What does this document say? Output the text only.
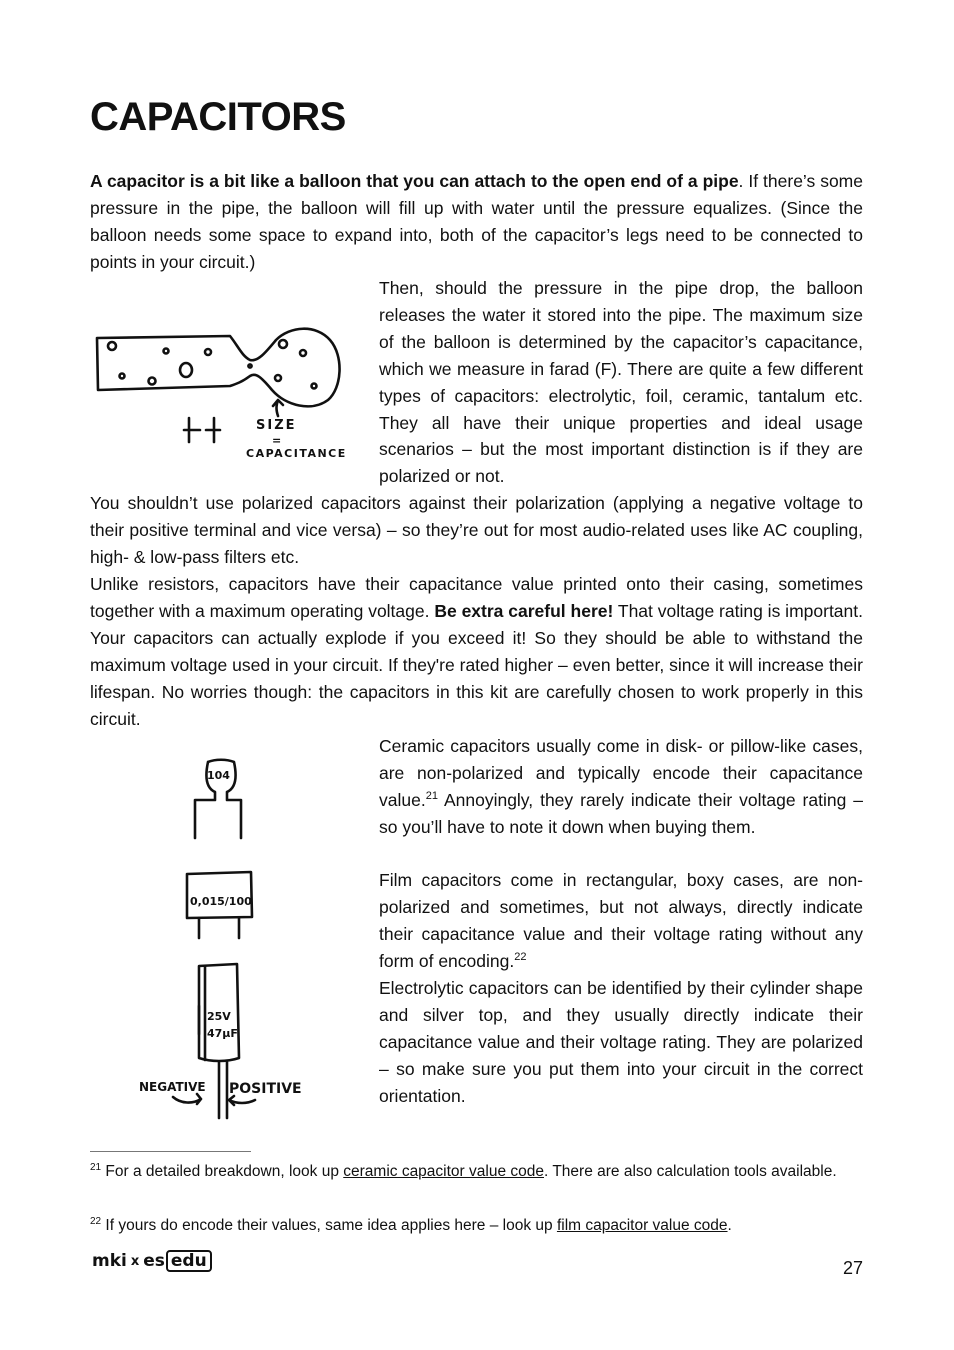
CAPACITORS

A capacitor is a bit like a balloon that you can attach to the open end of a pipe. If there’s some pressure in the pipe, the balloon will fill up with water until the pressure equalizes. (Since the balloon needs some space to expand into, both of the capacitor’s legs need to be connected to points in your circuit.)

SIZE
=
CAPACITANCE

Then, should the pressure in the pipe drop, the balloon releases the water it stored into the pipe. The maximum size of the balloon is determined by the capacitor’s capacitance, which we measure in farad (F). There are quite a few different types of capacitors: electrolytic, foil, ceramic, tantalum etc. They all have their unique properties and ideal usage scenarios – but the most important distinction is if they are polarized or not.

You shouldn’t use polarized capacitors against their polarization (applying a negative voltage to their positive terminal and vice versa) – so they’re out for most audio-related uses like AC coupling, high- & low-pass filters etc.

Unlike resistors, capacitors have their capacitance value printed onto their casing, sometimes together with a maximum operating voltage. Be extra careful here! That voltage rating is important. Your capacitors can actually explode if you exceed it! So they should be able to withstand the maximum voltage used in your circuit. If they're rated higher – even better, since it will increase their lifespan. No worries though: the capacitors in this kit are carefully chosen to work properly in this circuit.

104
0,015/100
25V
47µF
NEGATIVE POSITIVE

Ceramic capacitors usually come in disk- or pillow-like cases, are non-polarized and typically encode their capacitance value.$^{21}$ Annoyingly, they rarely indicate their voltage rating – so you’ll have to note it down when buying them.

Film capacitors come in rectangular, boxy cases, are non-polarized and sometimes, but not always, directly indicate their capacitance value and their voltage rating without any form of encoding.$^{22}$

Electrolytic capacitors can be identified by their cylinder shape and silver top, and they usually directly indicate their capacitance value and their voltage rating. They are polarized – so make sure you put them into your circuit in the correct orientation.

$^{21}$ For a detailed breakdown, look up ceramic capacitor value code. There are also calculation tools available.

$^{22}$ If yours do encode their values, same idea applies here – look up film capacitor value code.

mki x es edu	27
